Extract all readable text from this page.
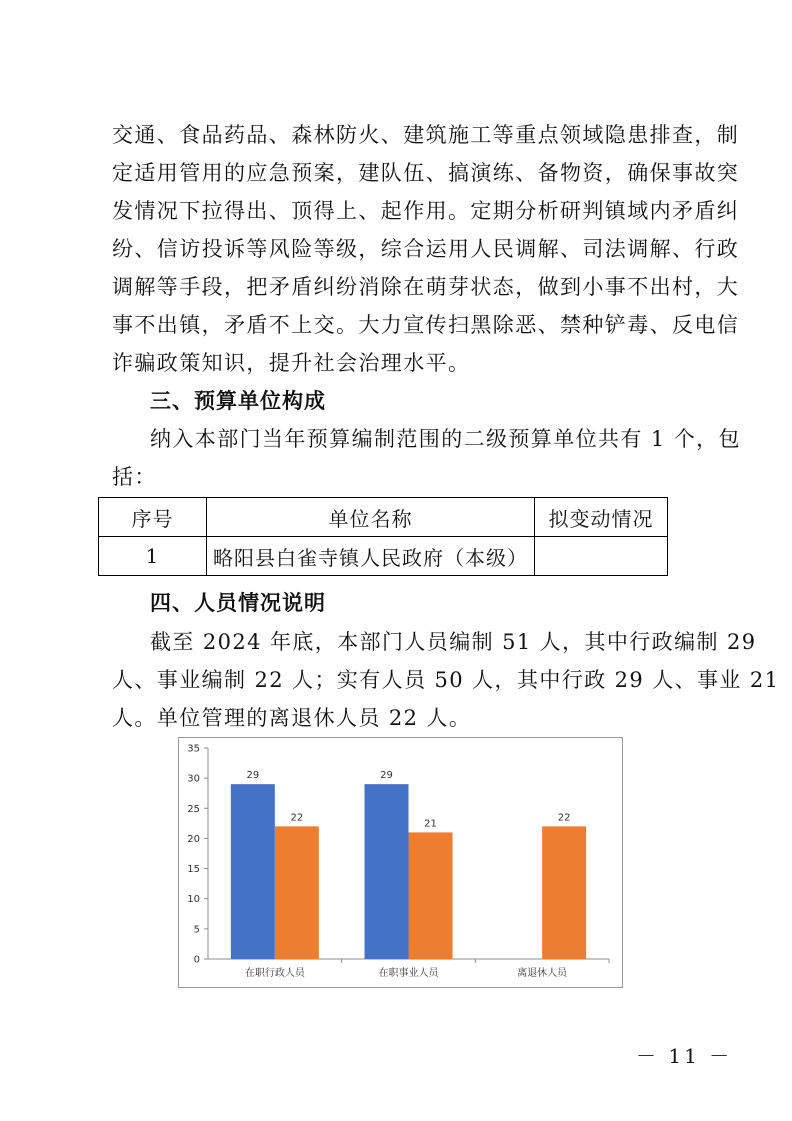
交通、食品药品、森林防火、建筑施工等重点领域隐患排查，制
定适用管用的应急预案，建队伍、搞演练、备物资，确保事故突
发情况下拉得出、顶得上、起作用。定期分析研判镇域内矛盾纠
纷、信访投诉等风险等级，综合运用人民调解、司法调解、行政
调解等手段，把矛盾纠纷消除在萌芽状态，做到小事不出村，大
事不出镇，矛盾不上交。大力宣传扫黑除恶、禁种铲毒、反电信
诈骗政策知识，提升社会治理水平。
三、预算单位构成
纳入本部门当年预算编制范围的二级预算单位共有 1 个，包
括：
序号	单位名称	拟变动情况
1	略阳县白雀寺镇人民政府（本级）	
四、人员情况说明
截至 2024 年底，本部门人员编制 51 人，其中行政编制 29
人、事业编制 22 人；实有人员 50 人，其中行政 29 人、事业 21
人。单位管理的离退休人员 22 人。
0
5
10
15
20
25
30
35
29
22
在职行政人员
29
21
在职事业人员
22
离退休人员
－ 11 －
